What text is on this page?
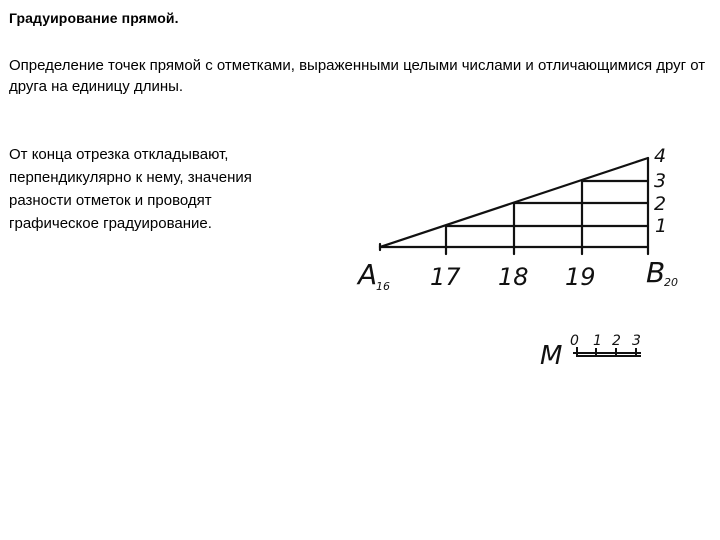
Градуирование прямой.
Определение точек прямой с отметками, выраженными целыми числами и отличающимися друг от друга на единицу длины.
От конца отрезка откладывают,
перпендикулярно к нему, значения
разности отметок и проводят
графическое градуирование.
A
16 17 18 19 B
20
4
3
2
1
M 0 1 2 3
